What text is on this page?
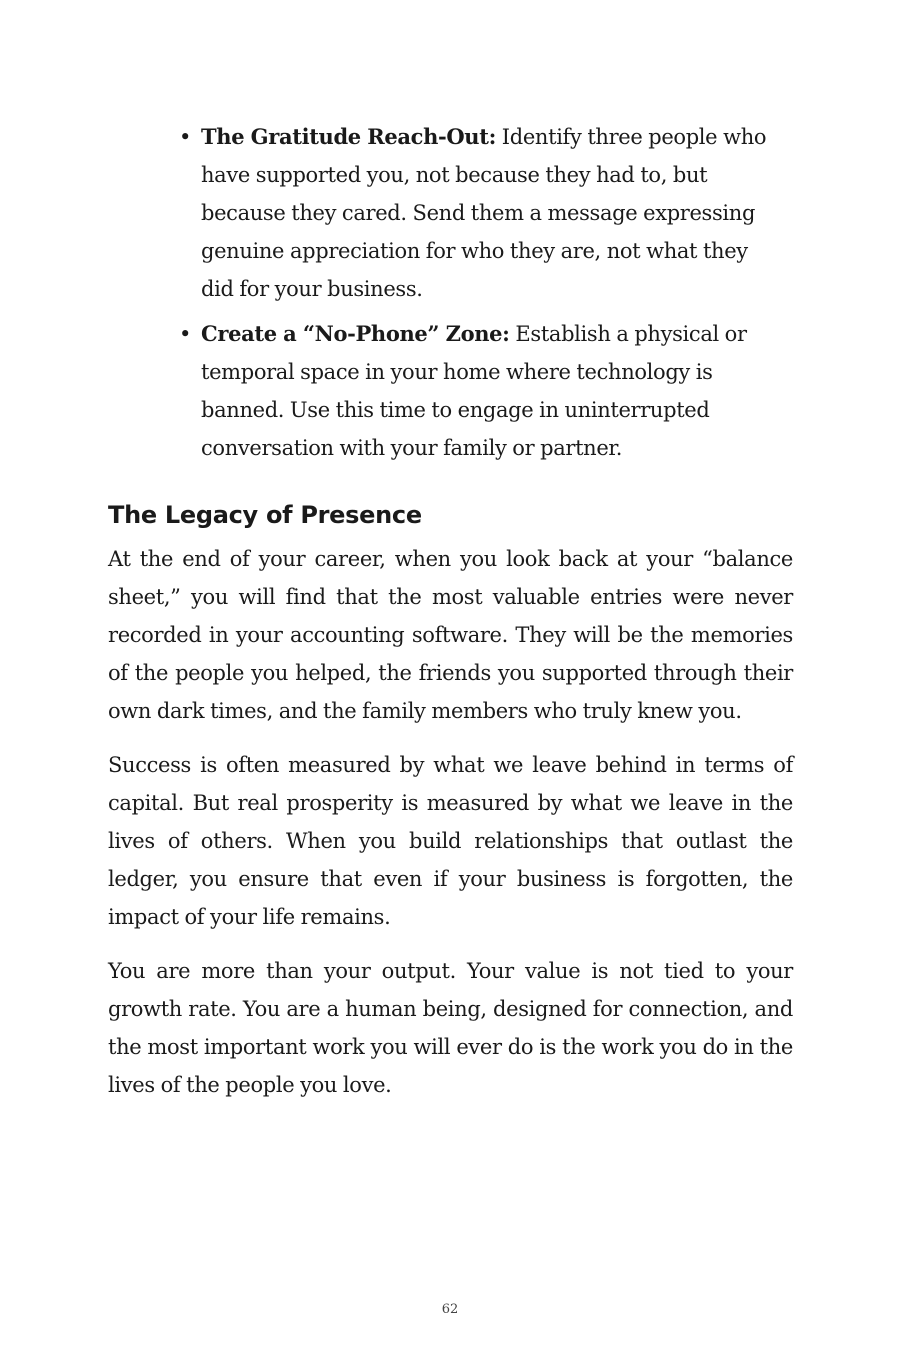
• The Gratitude Reach-Out: Identify three people who have supported you, not because they had to, but because they cared. Send them a message expressing genuine appreciation for who they are, not what they did for your business.
• Create a “No-Phone” Zone: Establish a physical or temporal space in your home where technology is banned. Use this time to engage in uninterrupted conversation with your family or partner.
The Legacy of Presence

At the end of your career, when you look back at your “balance sheet,” you will find that the most valuable entries were never recorded in your accounting software. They will be the memories of the people you helped, the friends you supported through their own dark times, and the family members who truly knew you.

Success is often measured by what we leave behind in terms of capital. But real prosperity is measured by what we leave in the lives of others. When you build relationships that outlast the ledger, you ensure that even if your business is forgotten, the impact of your life remains.

You are more than your output. Your value is not tied to your growth rate. You are a human being, designed for connection, and the most important work you will ever do is the work you do in the lives of the people you love.

62
